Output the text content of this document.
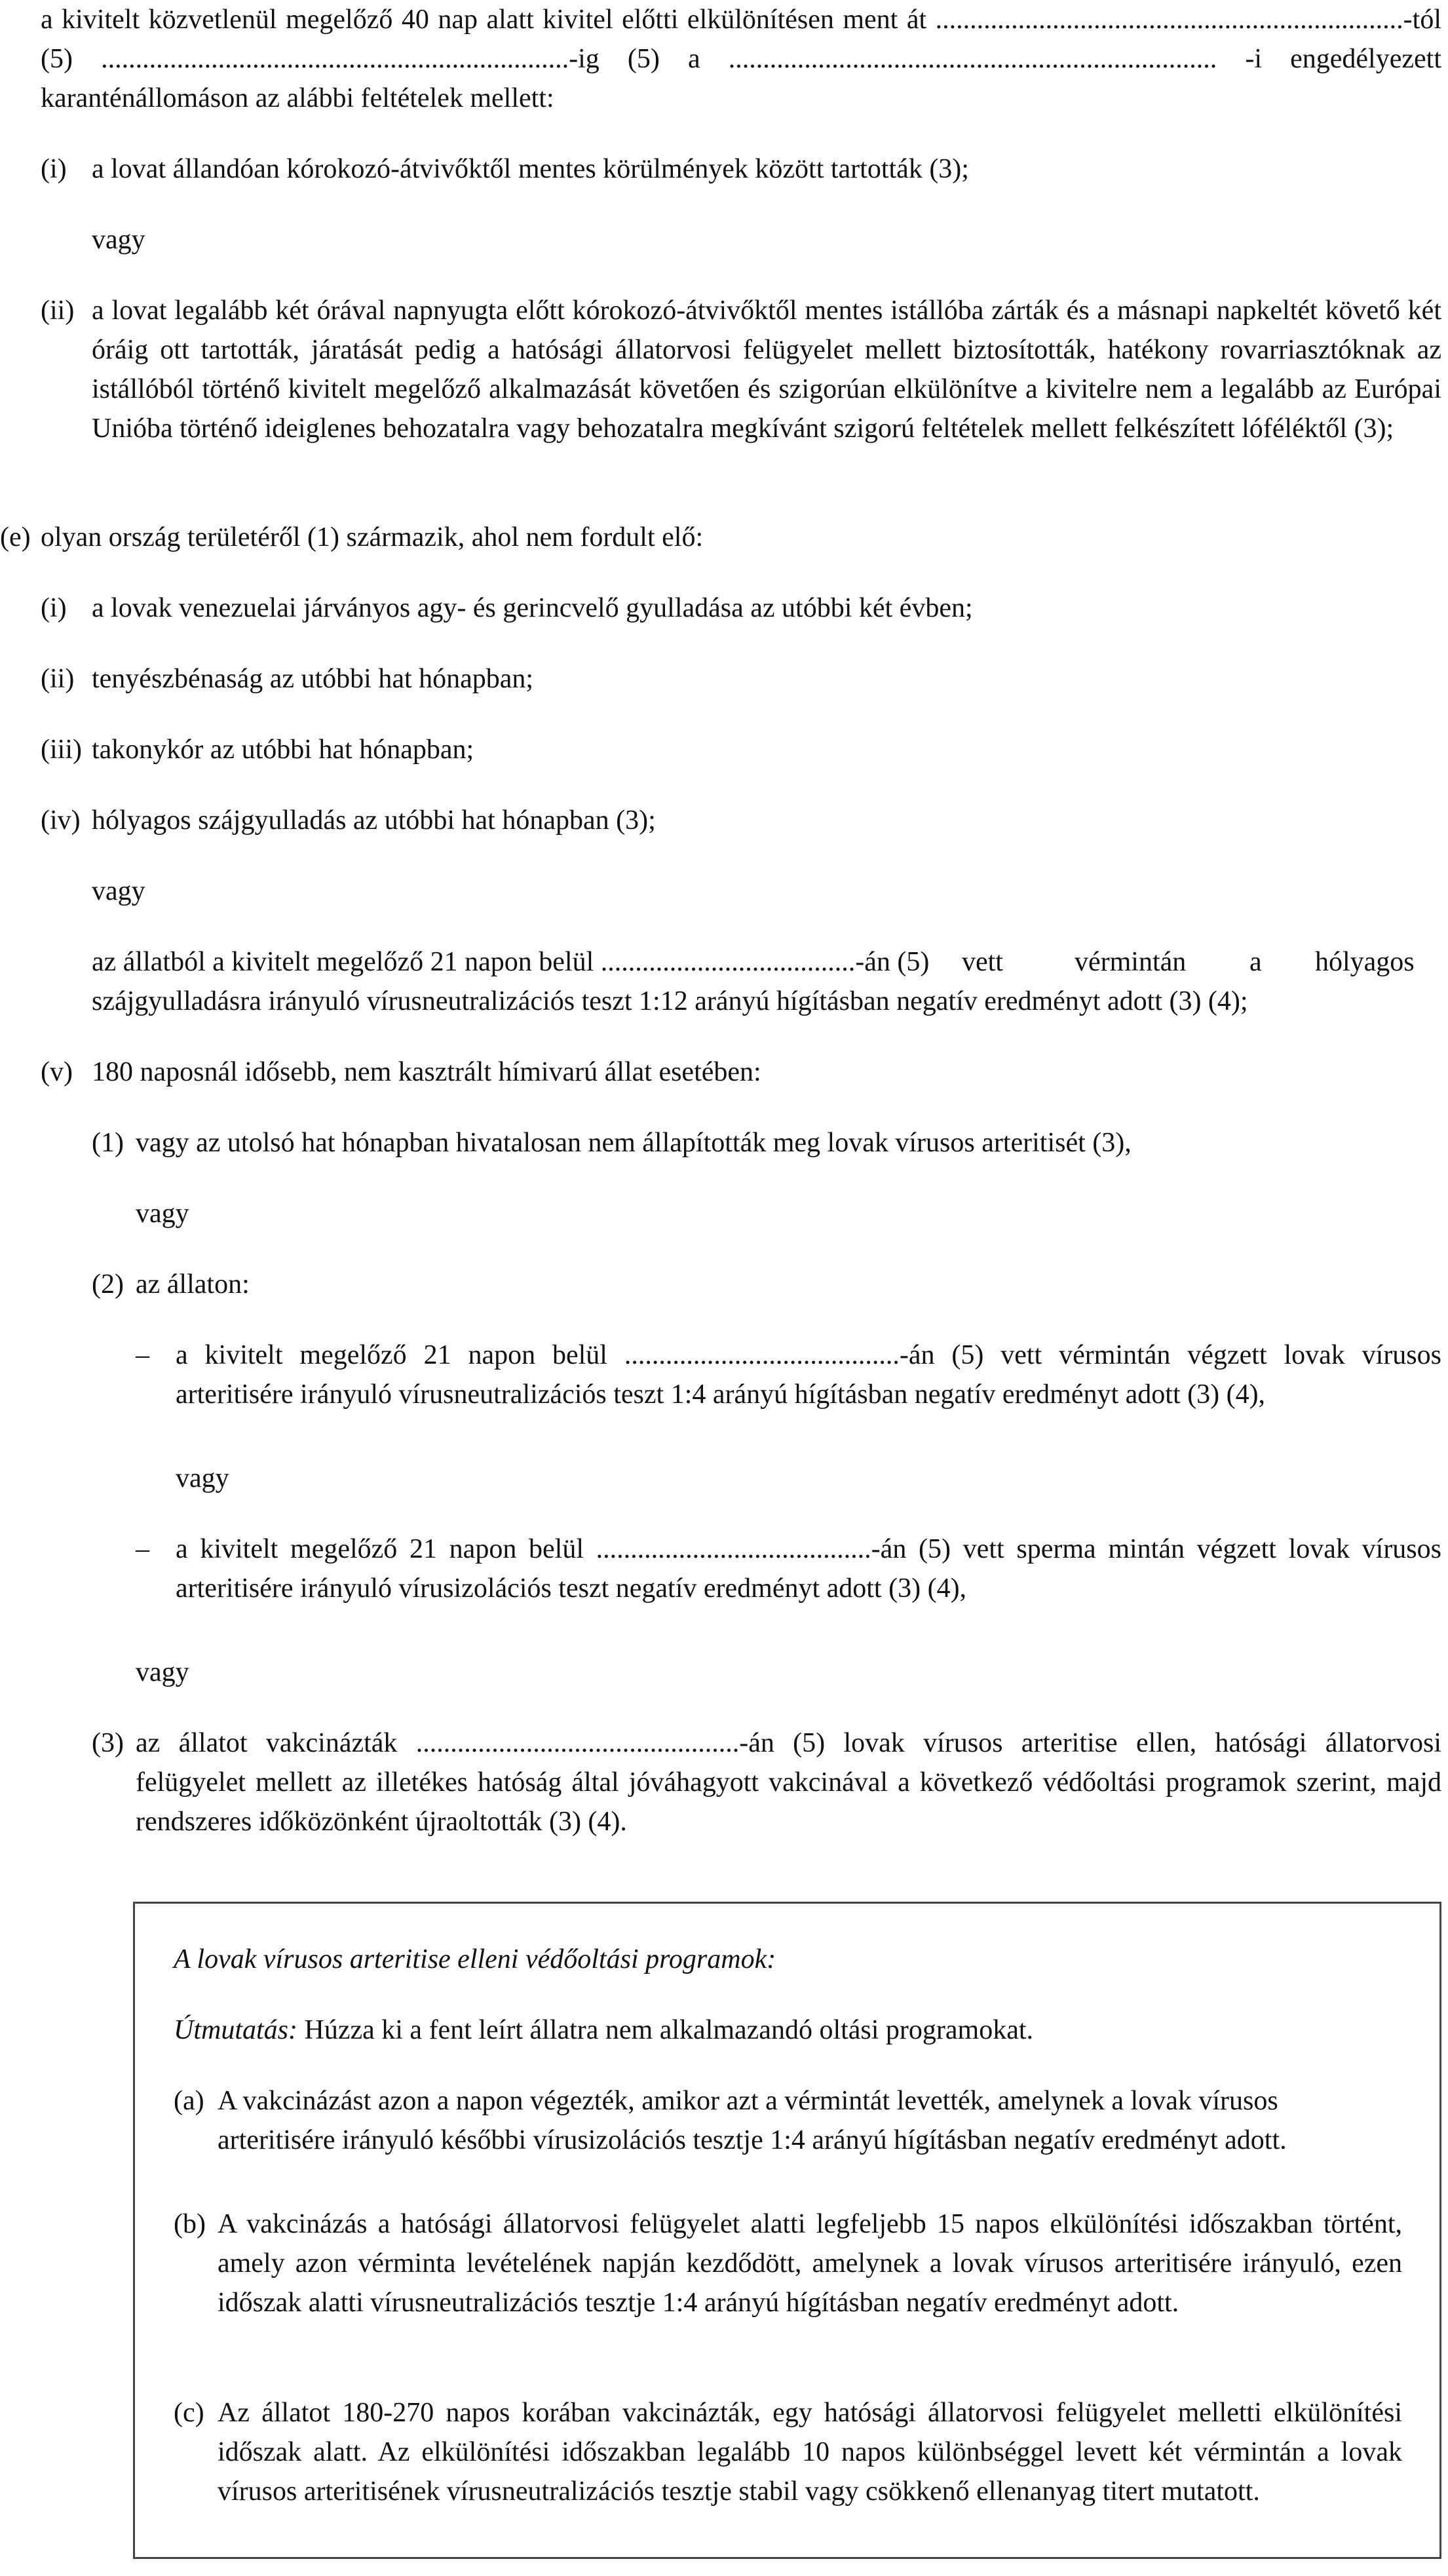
a kivitelt közvetlenül megelőző 40 nap alatt kivitel előtti elkülönítésen ment át ....................................................................-tól (5) ....................................................................-ig (5) a ....................................................................... -i engedélyezett karanténállomáson az alábbi feltételek mellett:

(i) a lovat állandóan kórokozó-átvivőktől mentes körülmények között tartották (3);

vagy
(ii) a lovat legalább két órával napnyugta előtt kórokozó-átvivőktől mentes istállóba zárták és a másnapi napkeltét követő két óráig ott tartották, járatását pedig a hatósági állatorvosi felügyelet mellett biztosították, hatékony rovarriasztóknak az istállóból történő kivitelt megelőző alkalmazását követően és szigorúan elkülönítve a kivitelre nem a legalább az Európai Unióba történő ideiglenes behozatalra vagy behozatalra megkívánt szigorú feltételek mellett felkészített lóféléktől (3);

(e) olyan ország területéről (1) származik, ahol nem fordult elő:

(i) a lovak venezuelai járványos agy- és gerincvelő gyulladása az utóbbi két évben;

(ii) tenyészbénaság az utóbbi hat hónapban;

(iii) takonykór az utóbbi hat hónapban;

(iv) hólyagos szájgyulladás az utóbbi hat hónapban (3);

vagy
az állatból a kivitelt megelőző 21 napon belül .....................................-án (5) vett	vérmintán a hólyagos
szájgyulladásra irányuló vírusneutralizációs teszt 1:12 arányú hígításban negatív eredményt adott (3) (4);
(v) 180 naposnál idősebb, nem kasztrált hímivarú állat esetében:

(1) vagy az utolsó hat hónapban hivatalosan nem állapították meg lovak vírusos arteritisét (3),

vagy
(2) az állaton:

– a kivitelt megelőző 21 napon belül ........................................-án (5) vett vérmintán végzett lovak vírusos arteritisére irányuló vírusneutralizációs teszt 1:4 arányú hígításban negatív eredményt adott (3) (4),

vagy
– a kivitelt megelőző 21 napon belül ........................................-án (5) vett sperma mintán végzett lovak vírusos arteritisére irányuló vírusizolációs teszt negatív eredményt adott (3) (4),

vagy
(3) az állatot vakcinázták ...............................................-án (5) lovak vírusos arteritise ellen, hatósági állatorvosi felügyelet mellett az illetékes hatóság által jóváhagyott vakcinával a következő védőoltási programok szerint, majd rendszeres időközönként újraoltották (3) (4).

A lovak vírusos arteritise elleni védőoltási programok:

Útmutatás: Húzza ki a fent leírt állatra nem alkalmazandó oltási programokat.

(a) A vakcinázást azon a napon végezték, amikor azt a vérmintát levették, amelynek a lovak vírusos arteritisére irányuló későbbi vírusizolációs tesztje 1:4 arányú hígításban negatív eredményt adott.

(b) A vakcinázás a hatósági állatorvosi felügyelet alatti legfeljebb 15 napos elkülönítési időszakban történt, amely azon vérminta levételének napján kezdődött, amelynek a lovak vírusos arteritisére irányuló, ezen időszak alatti vírusneutralizációs tesztje 1:4 arányú hígításban negatív eredményt adott.

(c) Az állatot 180-270 napos korában vakcinázták, egy hatósági állatorvosi felügyelet melletti elkülönítési időszak alatt. Az elkülönítési időszakban legalább 10 napos különbséggel levett két vérmintán a lovak vírusos arteritisének vírusneutralizációs tesztje stabil vagy csökkenő ellenanyag titert mutatott.
